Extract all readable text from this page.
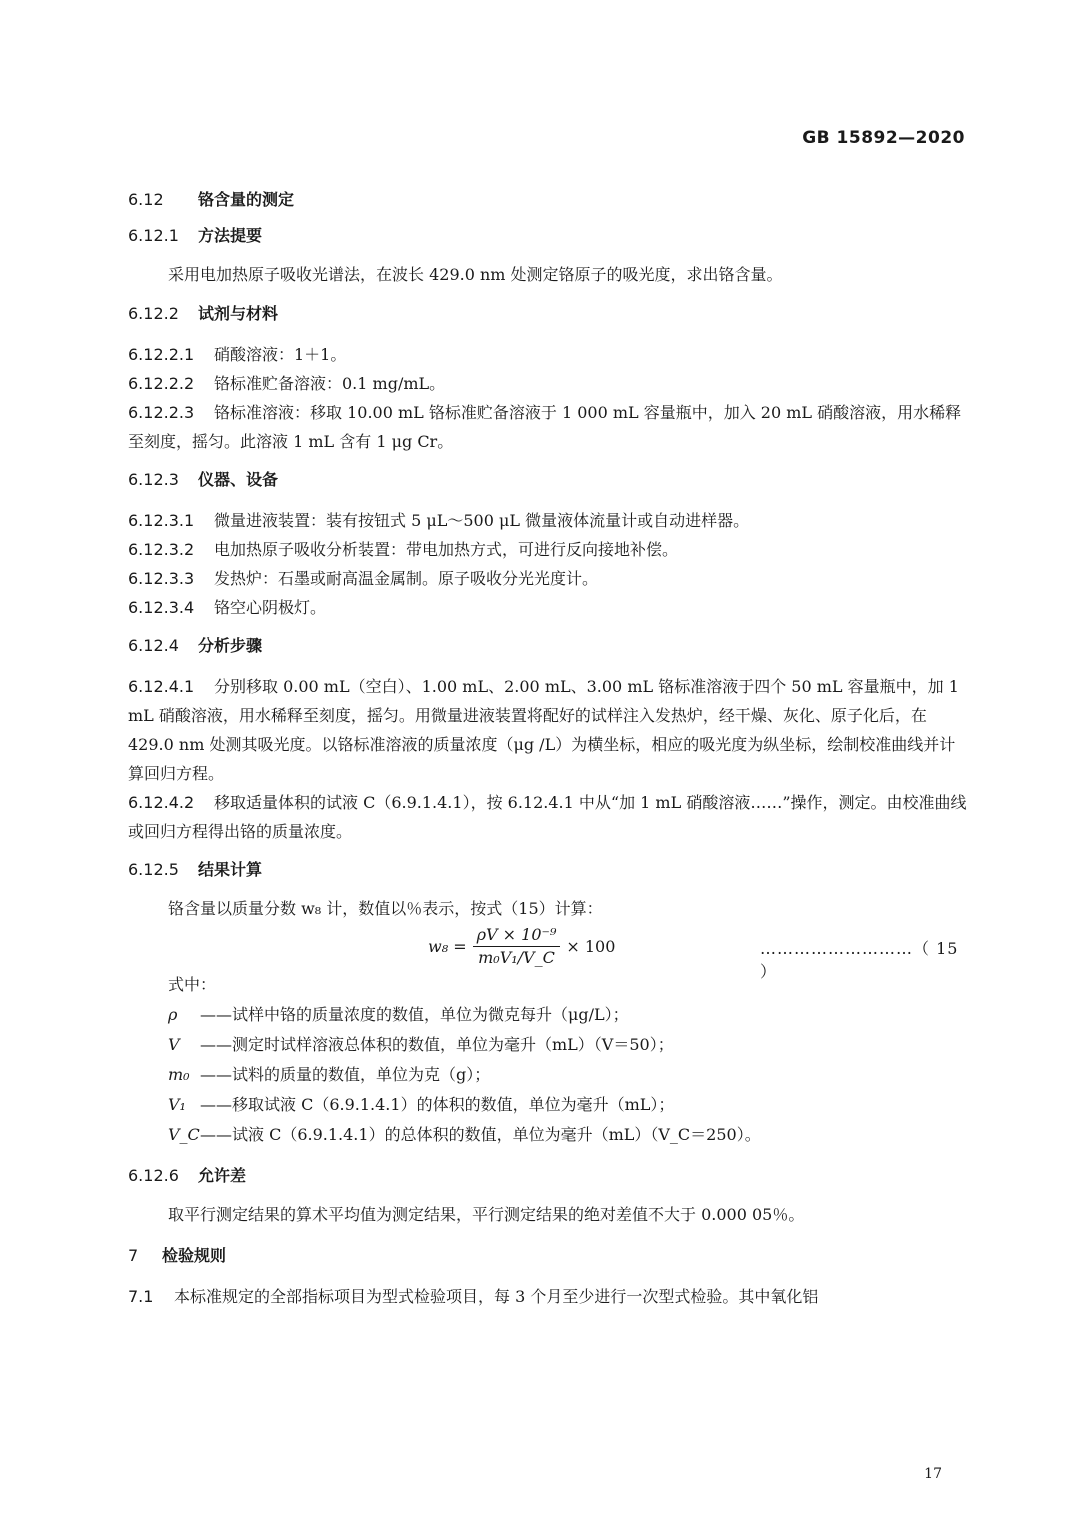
GB 15892—2020
6.12 铬含量的测定
6.12.1 方法提要
采用电加热原子吸收光谱法，在波长 429.0 nm 处测定铬原子的吸光度，求出铬含量。
6.12.2 试剂与材料
6.12.2.1 硝酸溶液：1＋1。
6.12.2.2 铬标准贮备溶液：0.1 mg/mL。
6.12.2.3 铬标准溶液：移取 10.00 mL 铬标准贮备溶液于 1 000 mL 容量瓶中，加入 20 mL 硝酸溶液，用水稀释至刻度，摇匀。此溶液 1 mL 含有 1 μg Cr。
6.12.3 仪器、设备
6.12.3.1 微量进液装置：装有按钮式 5 μL～500 μL 微量液体流量计或自动进样器。
6.12.3.2 电加热原子吸收分析装置：带电加热方式，可进行反向接地补偿。
6.12.3.3 发热炉：石墨或耐高温金属制。原子吸收分光光度计。
6.12.3.4 铬空心阴极灯。
6.12.4 分析步骤
6.12.4.1 分别移取 0.00 mL（空白）、1.00 mL、2.00 mL、3.00 mL 铬标准溶液于四个 50 mL 容量瓶中，加 1 mL 硝酸溶液，用水稀释至刻度，摇匀。用微量进液装置将配好的试样注入发热炉，经干燥、灰化、原子化后，在 429.0 nm 处测其吸光度。以铬标准溶液的质量浓度（μg /L）为横坐标，相应的吸光度为纵坐标，绘制校准曲线并计算回归方程。
6.12.4.2 移取适量体积的试液 C（6.9.1.4.1），按 6.12.4.1 中从“加 1 mL 硝酸溶液……”操作，测定。由校准曲线或回归方程得出铬的质量浓度。
6.12.5 结果计算
铬含量以质量分数 w₈ 计，数值以％表示，按式（15）计算：
$w_8 = \frac{\text{ρV × 10⁻⁹}}{\text{m₀V₁/V\_C}} \times 100$	………………………（ 15 ）
式中：
ρ ——试样中铬的质量浓度的数值，单位为微克每升（μg/L）；
V ——测定时试样溶液总体积的数值，单位为毫升（mL）（V＝50）；
m₀ ——试料的质量的数值，单位为克（g）；
V₁ ——移取试液 C（6.9.1.4.1）的体积的数值，单位为毫升（mL）；
V_C——试液 C（6.9.1.4.1）的总体积的数值，单位为毫升（mL）（V_C＝250）。
6.12.6 允许差
取平行测定结果的算术平均值为测定结果，平行测定结果的绝对差值不大于 0.000 05％。
7 检验规则
7.1 本标准规定的全部指标项目为型式检验项目，每 3 个月至少进行一次型式检验。其中氧化铝
17
